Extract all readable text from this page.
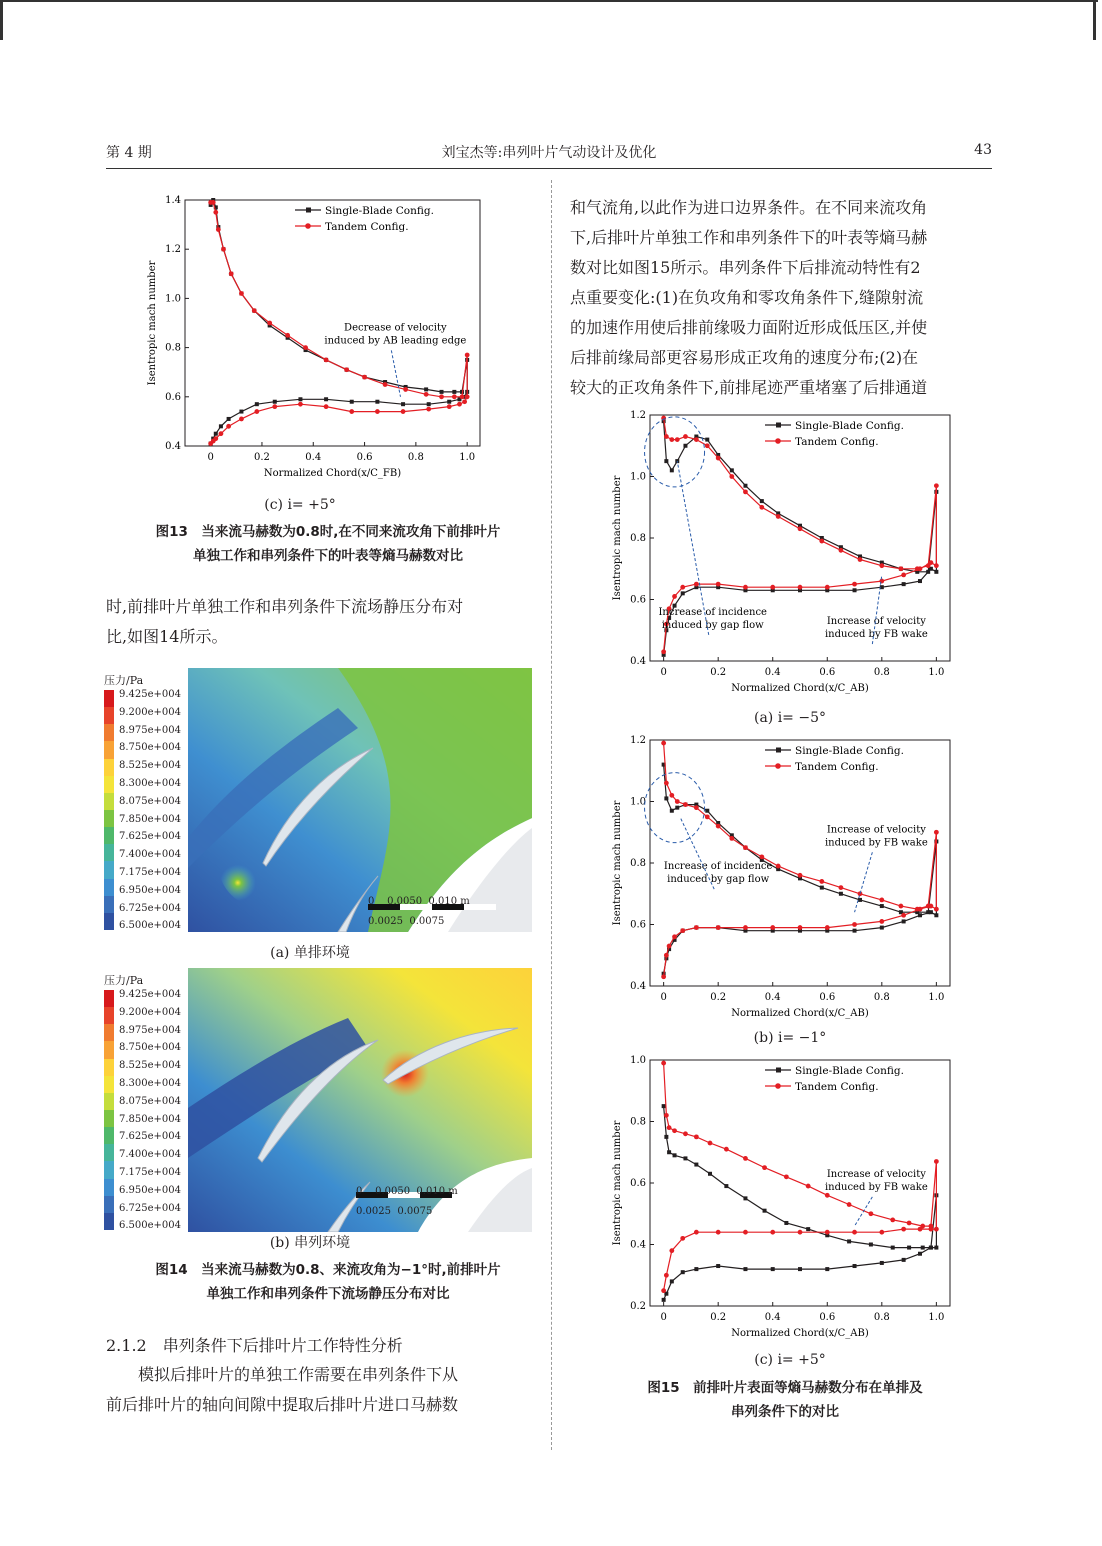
第 4 期	刘宝杰等:串列叶片气动设计及优化	43
0	0.2	0.4	0.6	0.8	1.0
0.4
0.6
0.8
1.0
1.2
1.4
Normalized Chord(x/C_FB)
Isentropic mach number
Single-Blade Config.
Tandem Config.
Decrease of velocity
induced by AB leading edge
(c) i= +5°
图13　当来流马赫数为0.8时,在不同来流攻角下前排叶片
单独工作和串列条件下的叶表等熵马赫数对比
时,前排叶片单独工作和串列条件下流场静压分布对
比,如图14所示。
压力/Pa
9.425e+004
9.200e+004
8.975e+004
8.750e+004
8.525e+004
8.300e+004
8.075e+004
7.850e+004
7.625e+004
7.400e+004
7.175e+004
6.950e+004
6.725e+004
6.500e+004
0    0.0050  0.010 m
0.0025  0.0075
(a) 单排环境
压力/Pa
9.425e+004
9.200e+004
8.975e+004
8.750e+004
8.525e+004
8.300e+004
8.075e+004
7.850e+004
7.625e+004
7.400e+004
7.175e+004
6.950e+004
6.725e+004
6.500e+004
0    0.0050  0.010 m
0.0025  0.0075
(b) 串列环境
图14　当来流马赫数为0.8、来流攻角为−1°时,前排叶片
单独工作和串列条件下流场静压分布对比
2.1.2　串列条件下后排叶片工作特性分析
模拟后排叶片的单独工作需要在串列条件下从
前后排叶片的轴向间隙中提取后排叶片进口马赫数
和气流角,以此作为进口边界条件。在不同来流攻角
下,后排叶片单独工作和串列条件下的叶表等熵马赫
数对比如图15所示。串列条件下后排流动特性有2
点重要变化:(1)在负攻角和零攻角条件下,缝隙射流
的加速作用使后排前缘吸力面附近形成低压区,并使
后排前缘局部更容易形成正攻角的速度分布;(2)在
较大的正攻角条件下,前排尾迹严重堵塞了后排通道
0	0.2	0.4	0.6	0.8	1.0
0.4
0.6
0.8
1.0
1.2
Normalized Chord(x/C_AB)
Isentropic mach number
Single-Blade Config.
Tandem Config.
Increase of incidence
induced by gap flow	Increase of velocity
induced by FB wake
(a) i= −5°
0	0.2	0.4	0.6	0.8	1.0
0.4
0.6
0.8
1.0
1.2
Normalized Chord(x/C_AB)
Isentropic mach number
Single-Blade Config.
Tandem Config.
Increase of incidence
induced by gap flow
Increase of velocity
induced by FB wake
(b) i= −1°
0	0.2	0.4	0.6	0.8	1.0
0.2
0.4
0.6
0.8
1.0
Normalized Chord(x/C_AB)
Isentropic mach number
Single-Blade Config.
Tandem Config.
Increase of velocity
induced by FB wake
(c) i= +5°
图15　前排叶片表面等熵马赫数分布在单排及
串列条件下的对比
